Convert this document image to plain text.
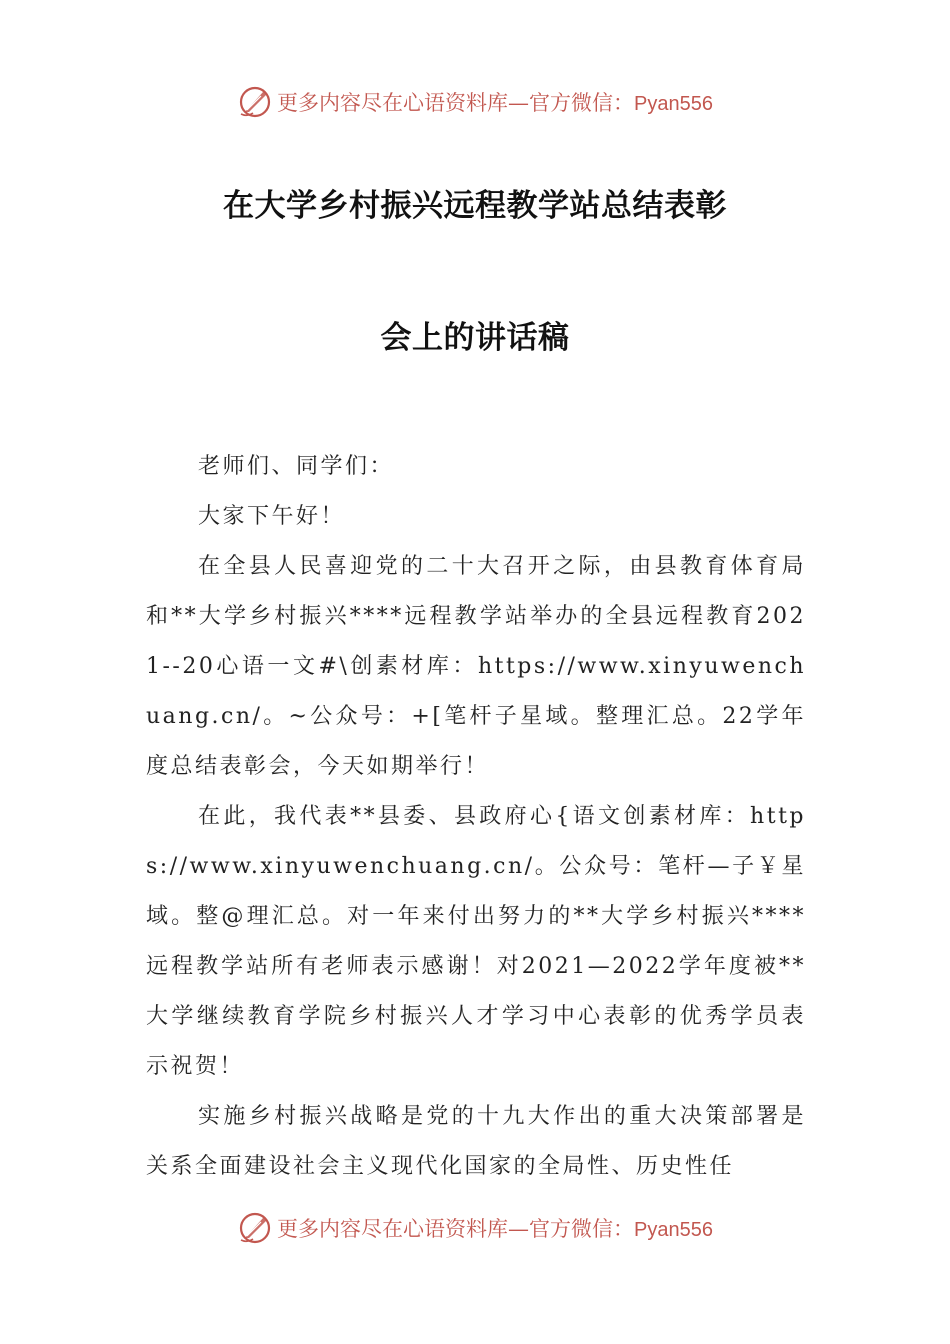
更多内容尽在心语资料库—官方微信：Pyan556
在大学乡村振兴远程教学站总结表彰
会上的讲话稿

老师们、同学们：

大家下午好！

在全县人民喜迎党的二十大召开之际，由县教育体育局和**大学乡村振兴****远程教学站举办的全县远程教育2021--20心语一文#\创素材库：https://www.xinyuwenchuang.cn/。~公众号：+[笔杆子星域。整理汇总。22学年度总结表彰会，今天如期举行！

在此，我代表**县委、县政府心{语文创素材库：https://www.xinyuwenchuang.cn/。公众号：笔杆—子￥星域。整@理汇总。对一年来付出努力的**大学乡村振兴****远程教学站所有老师表示感谢！对2021—2022学年度被**大学继续教育学院乡村振兴人才学习中心表彰的优秀学员表示祝贺！

实施乡村振兴战略是党的十九大作出的重大决策部署是关系全面建设社会主义现代化国家的全局性、历史性任

更多内容尽在心语资料库—官方微信：Pyan556
